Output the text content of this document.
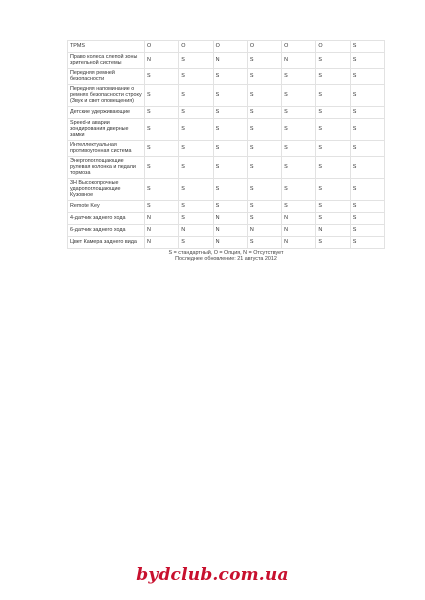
TPMS	O	O	O	O	O	O	S
Право колеса слепой зоны зрительной системы	N	S	N	S	N	S	S
Передняя ремней безопасности	S	S	S	S	S	S	S
Передняя напоминание о ремнях безопасности строку (Звук и свет оповещения)	S	S	S	S	S	S	S
Детские удерживающие	S	S	S	S	S	S	S
Speed-и аварии зондирования дверные замки	S	S	S	S	S	S	S
Интеллектуальная противоугонная система	S	S	S	S	S	S	S
Энергопоглощающие рулевая колонка и педали тормоза	S	S	S	S	S	S	S
3H Высокопрочные ударопоглощающие Кузовное	S	S	S	S	S	S	S
Remote Key	S	S	S	S	S	S	S
4-датчик заднего хода	N	S	N	S	N	S	S
6-датчик заднего хода	N	N	N	N	N	N	S
Цвет Камера заднего вида	N	S	N	S	N	S	S
S = стандартный, O = Опция, N = Отсутствует
Последнее обновление: 21 августа 2012
bydclub.com.ua
